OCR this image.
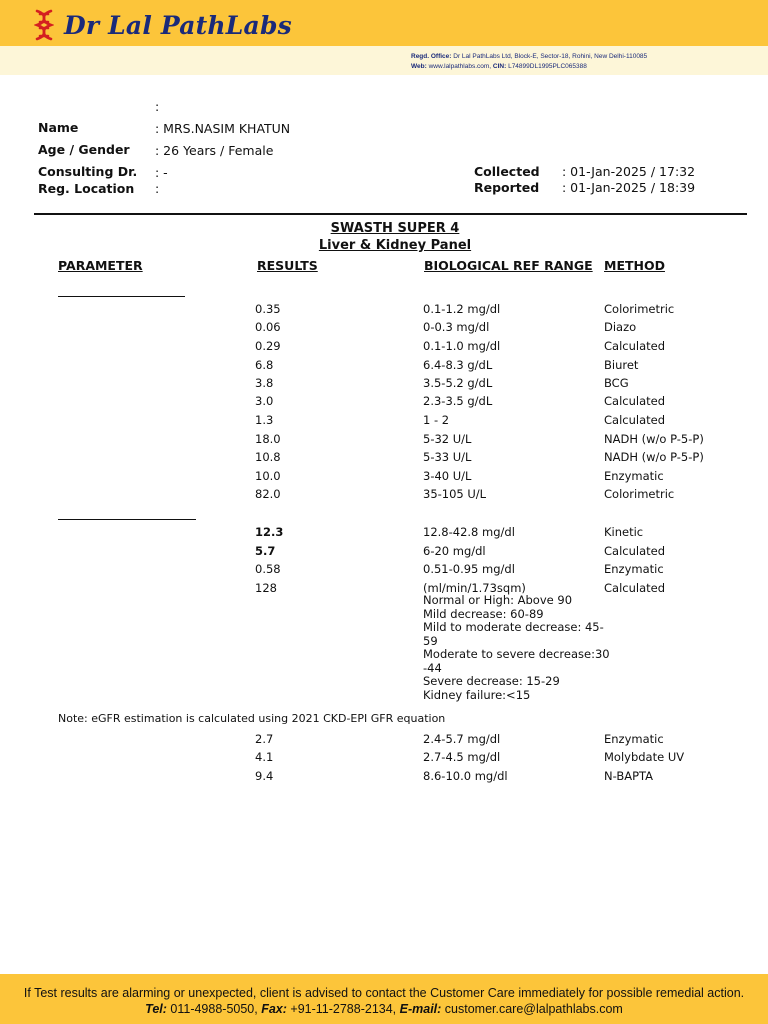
Dr Lal PathLabs
Regd. Office: Dr Lal PathLabs Ltd, Block-E, Sector-18, Rohini, New Delhi-110085
Web: www.lalpathlabs.com, CIN: L74899DL1995PLC065388
:
Name	: MRS.NASIM KHATUN
Age / Gender : 26 Years / Female
Consulting Dr. : -
Reg. Location :
Collected : 01-Jan-2025 / 17:32
Reported : 01-Jan-2025 / 18:39
SWASTH SUPER 4
Liver & Kidney Panel
PARAMETER	RESULTS	BIOLOGICAL REF RANGE METHOD
0.35	0.1-1.2 mg/dl	Colorimetric
0.06	0-0.3 mg/dl	Diazo
0.29	0.1-1.0 mg/dl	Calculated
6.8	6.4-8.3 g/dL	Biuret
3.8	3.5-5.2 g/dL	BCG
3.0	2.3-3.5 g/dL	Calculated
1.3	1 - 2	Calculated
18.0	5-32 U/L	NADH (w/o P-5-P)
10.8	5-33 U/L	NADH (w/o P-5-P)
10.0	3-40 U/L	Enzymatic
82.0	35-105 U/L	Colorimetric
12.3	12.8-42.8 mg/dl	Kinetic
5.7	6-20 mg/dl	Calculated
0.58	0.51-0.95 mg/dl	Enzymatic
128	(ml/min/1.73sqm)	Calculated
Normal or High: Above 90
Mild decrease: 60-89
Mild to moderate decrease: 45-
59
Moderate to severe decrease:30
-44
Severe decrease: 15-29
Kidney failure:<15
Note: eGFR estimation is calculated using 2021 CKD-EPI GFR equation
2.7	2.4-5.7 mg/dl	Enzymatic
4.1	2.7-4.5 mg/dl	Molybdate UV
9.4	8.6-10.0 mg/dl	N-BAPTA
If Test results are alarming or unexpected, client is advised to contact the Customer Care immediately for possible remedial action.
Tel: 011-4988-5050, Fax: +91-11-2788-2134, E-mail: customer.care@lalpathlabs.com
